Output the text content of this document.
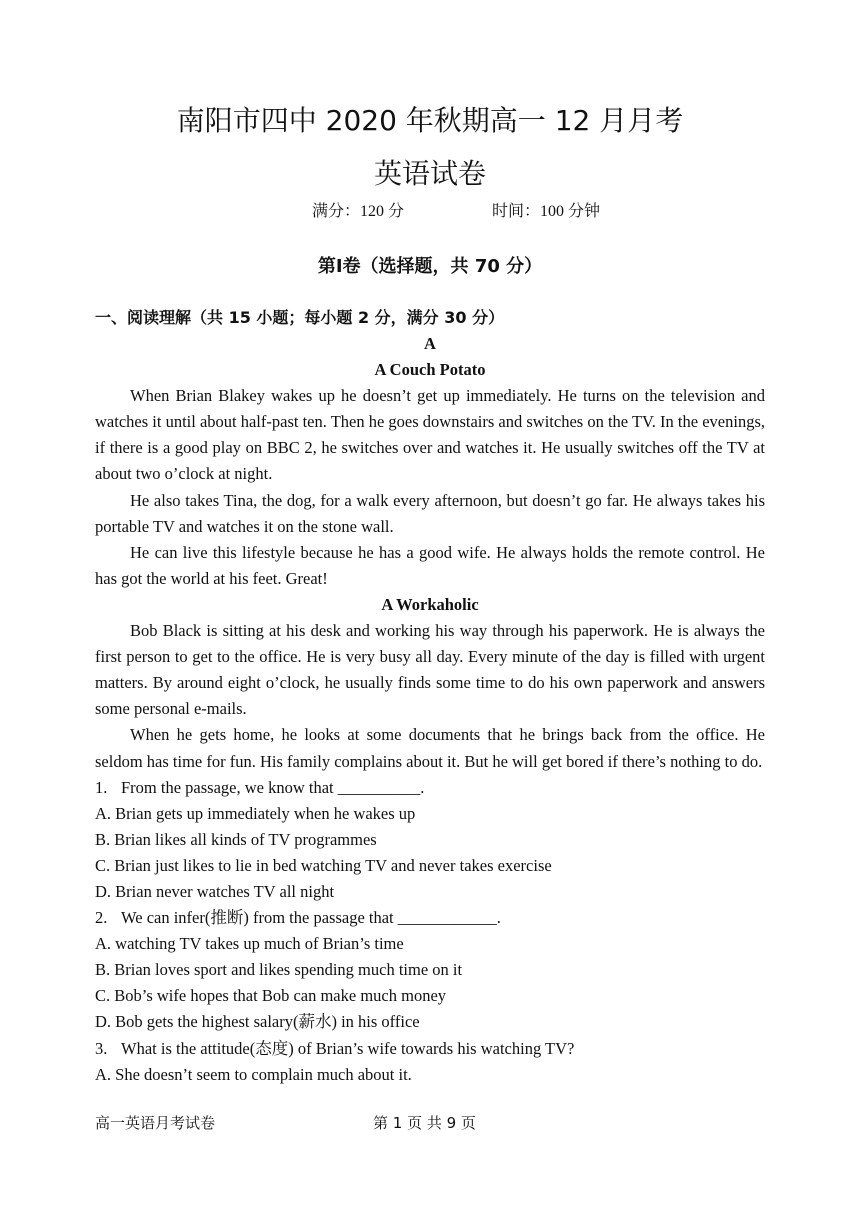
南阳市四中 2020 年秋期高一 12 月月考
英语试卷
满分：120 分	时间：100 分钟
第Ⅰ卷（选择题，共 70 分）
一、阅读理解（共 15 小题；每小题 2 分，满分 30 分）
A
A Couch Potato

When Brian Blakey wakes up he doesn’t get up immediately. He turns on the television and watches it until about half-past ten. Then he goes downstairs and switches on the TV. In the evenings, if there is a good play on BBC 2, he switches over and watches it. He usually switches off the TV at about two o’clock at night.

He also takes Tina, the dog, for a walk every afternoon, but doesn’t go far. He always takes his portable TV and watches it on the stone wall.

He can live this lifestyle because he has a good wife. He always holds the remote control. He has got the world at his feet. Great!

A Workaholic

Bob Black is sitting at his desk and working his way through his paperwork. He is always the first person to get to the office. He is very busy all day. Every minute of the day is filled with urgent matters. By around eight o’clock, he usually finds some time to do his own paperwork and answers some personal e-mails.

When he gets home, he looks at some documents that he brings back from the office. He seldom has time for fun. His family complains about it. But he will get bored if there’s nothing to do.

1. From the passage, we know that __________.

A. Brian gets up immediately when he wakes up

B. Brian likes all kinds of TV programmes

C. Brian just likes to lie in bed watching TV and never takes exercise

D. Brian never watches TV all night

2. We can infer(推断) from the passage that ____________.

A. watching TV takes up much of Brian’s time

B. Brian loves sport and likes spending much time on it

C. Bob’s wife hopes that Bob can make much money

D. Bob gets the highest salary(薪水) in his office

3. What is the attitude(态度) of Brian’s wife towards his watching TV?

A. She doesn’t seem to complain much about it.

高一英语月考试卷	第 1 页 共 9 页
